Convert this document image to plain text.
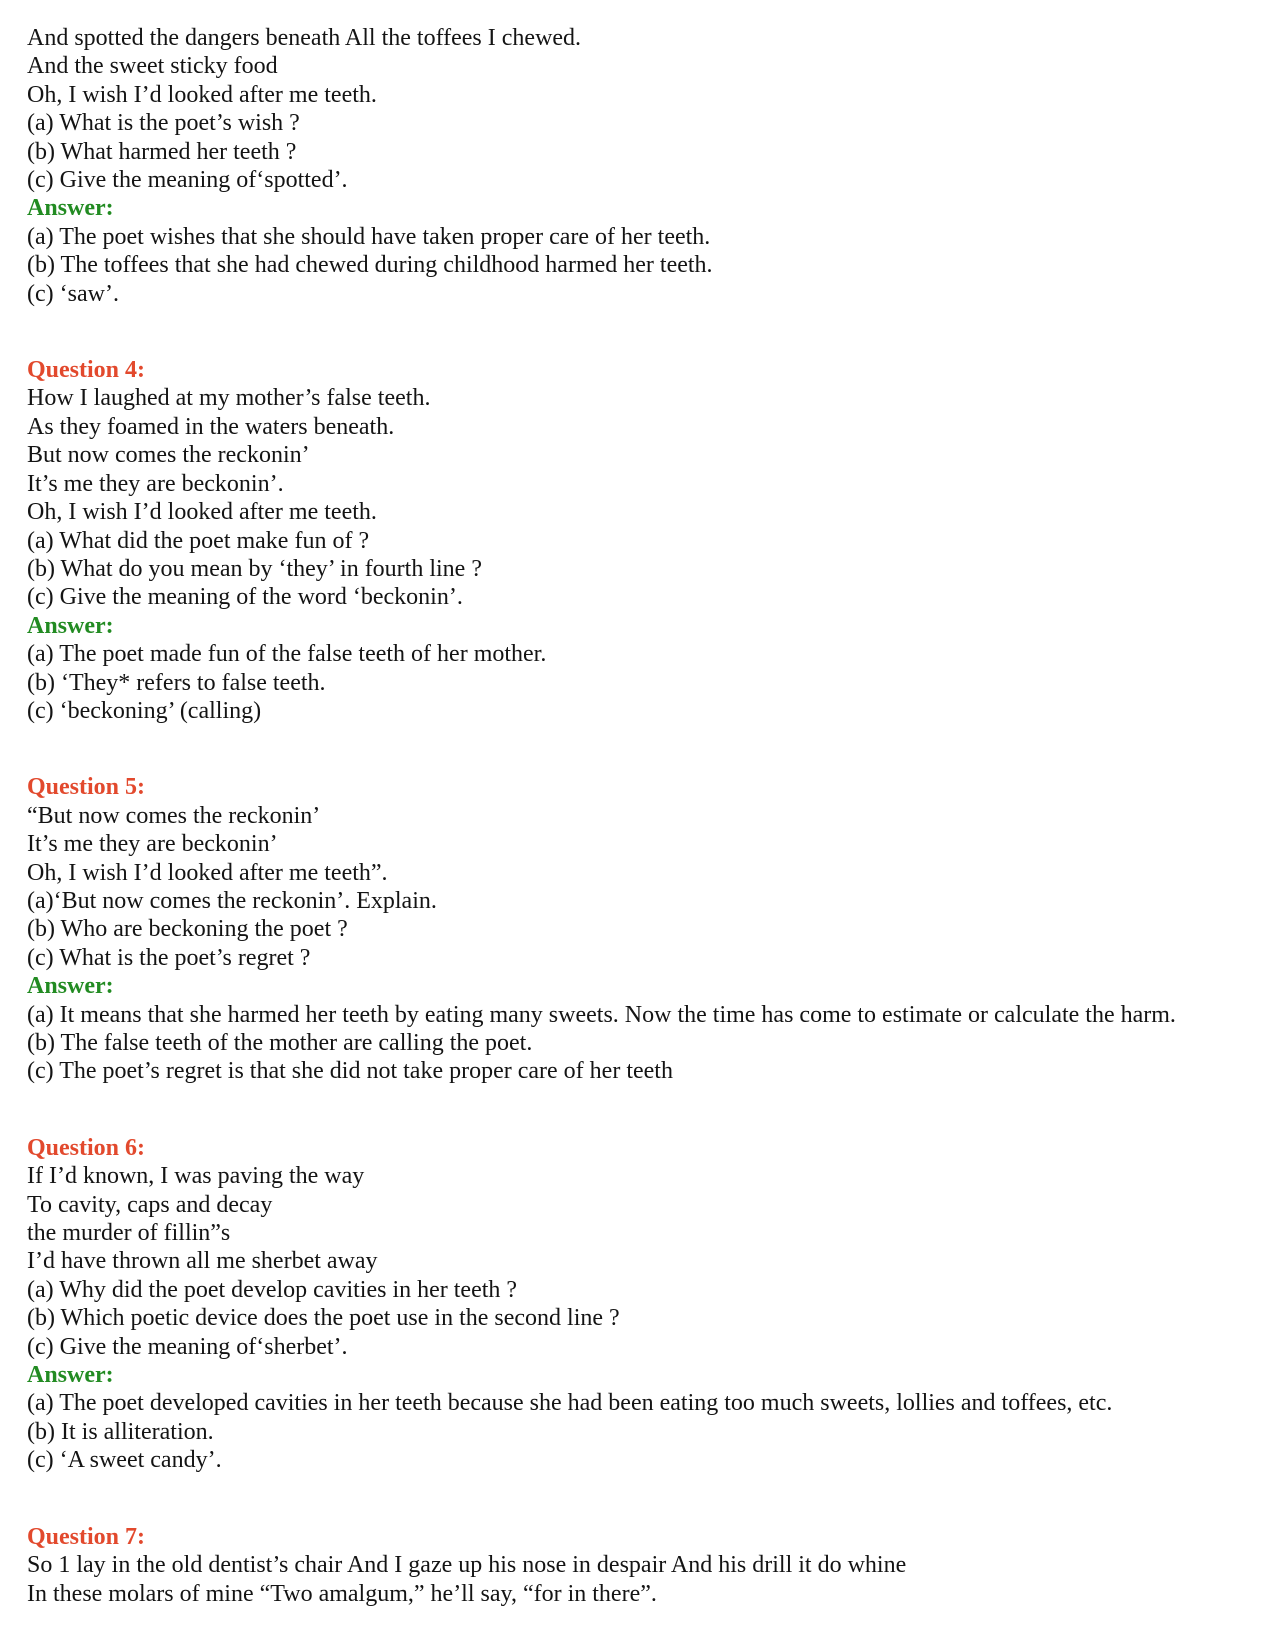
And spotted the dangers beneath All the toffees I chewed.
And the sweet sticky food
Oh, I wish I’d looked after me teeth.
(a) What is the poet’s wish ?
(b) What harmed her teeth ?
(c) Give the meaning of‘spotted’.
Answer:
(a) The poet wishes that she should have taken proper care of her teeth.
(b) The toffees that she had chewed during childhood harmed her teeth.
(c) ‘saw’.
Question 4:
How I laughed at my mother’s false teeth.
As they foamed in the waters beneath.
But now comes the reckonin’
It’s me they are beckonin’.
Oh, I wish I’d looked after me teeth.
(a) What did the poet make fun of ?
(b) What do you mean by ‘they’ in fourth line ?
(c) Give the meaning of the word ‘beckonin’.
Answer:
(a) The poet made fun of the false teeth of her mother.
(b) ‘They* refers to false teeth.
(c) ‘beckoning’ (calling)
Question 5:
“But now comes the reckonin’
It’s me they are beckonin’
Oh, I wish I’d looked after me teeth”.
(a)‘But now comes the reckonin’. Explain.
(b) Who are beckoning the poet ?
(c) What is the poet’s regret ?
Answer:
(a) It means that she harmed her teeth by eating many sweets. Now the time has come to estimate or calculate the harm.
(b) The false teeth of the mother are calling the poet.
(c) The poet’s regret is that she did not take proper care of her teeth
Question 6:
If I’d known, I was paving the way
To cavity, caps and decay
the murder of fillin”s
I’d have thrown all me sherbet away
(a) Why did the poet develop cavities in her teeth ?
(b) Which poetic device does the poet use in the second line ?
(c) Give the meaning of‘sherbet’.
Answer:
(a) The poet developed cavities in her teeth because she had been eating too much sweets, lollies and toffees, etc.
(b) It is alliteration.
(c) ‘A sweet candy’.
Question 7:
So 1 lay in the old dentist’s chair And I gaze up his nose in despair And his drill it do whine
In these molars of mine “Two amalgum,” he’ll say, “for in there”.
